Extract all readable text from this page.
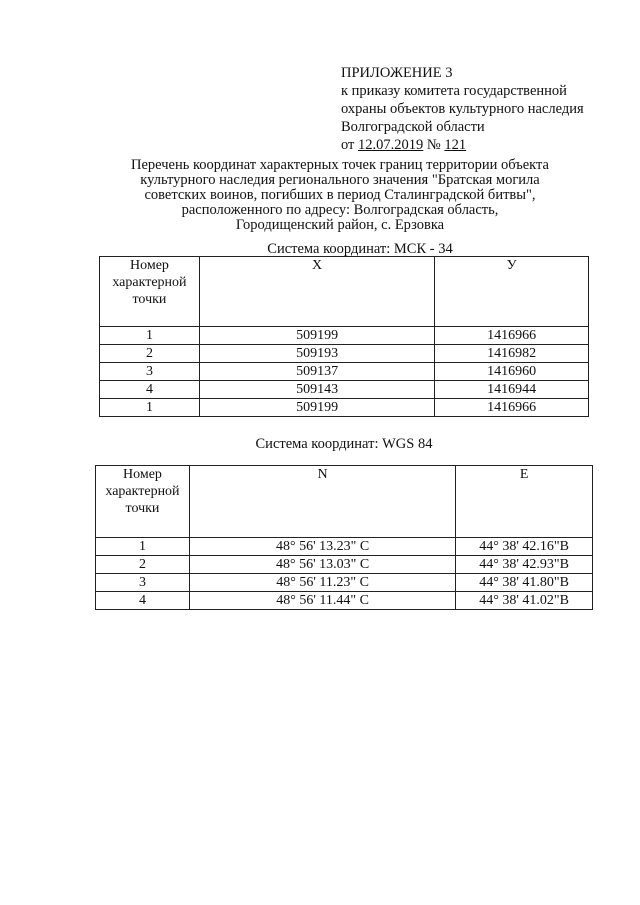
ПРИЛОЖЕНИЕ 3
к приказу комитета государственной
охраны объектов культурного наследия
Волгоградской области
от 12.07.2019 № 121
Перечень координат характерных точек границ территории объекта
культурного наследия регионального значения "Братская могила
советских воинов, погибших в период Сталинградской битвы",
расположенного по адресу: Волгоградская область,
Городищенский район, с. Ерзовка
Система координат: МСК - 34
Номер характерной точки	X	У
1	509199	1416966
2	509193	1416982
3	509137	1416960
4	509143	1416944
1	509199	1416966
Система координат: WGS 84
Номер характерной точки	N	E
1	48° 56' 13.23" С	44° 38' 42.16"В
2	48° 56' 13.03" С	44° 38' 42.93"В
3	48° 56' 11.23" С	44° 38' 41.80"В
4	48° 56' 11.44" С	44° 38' 41.02"В
